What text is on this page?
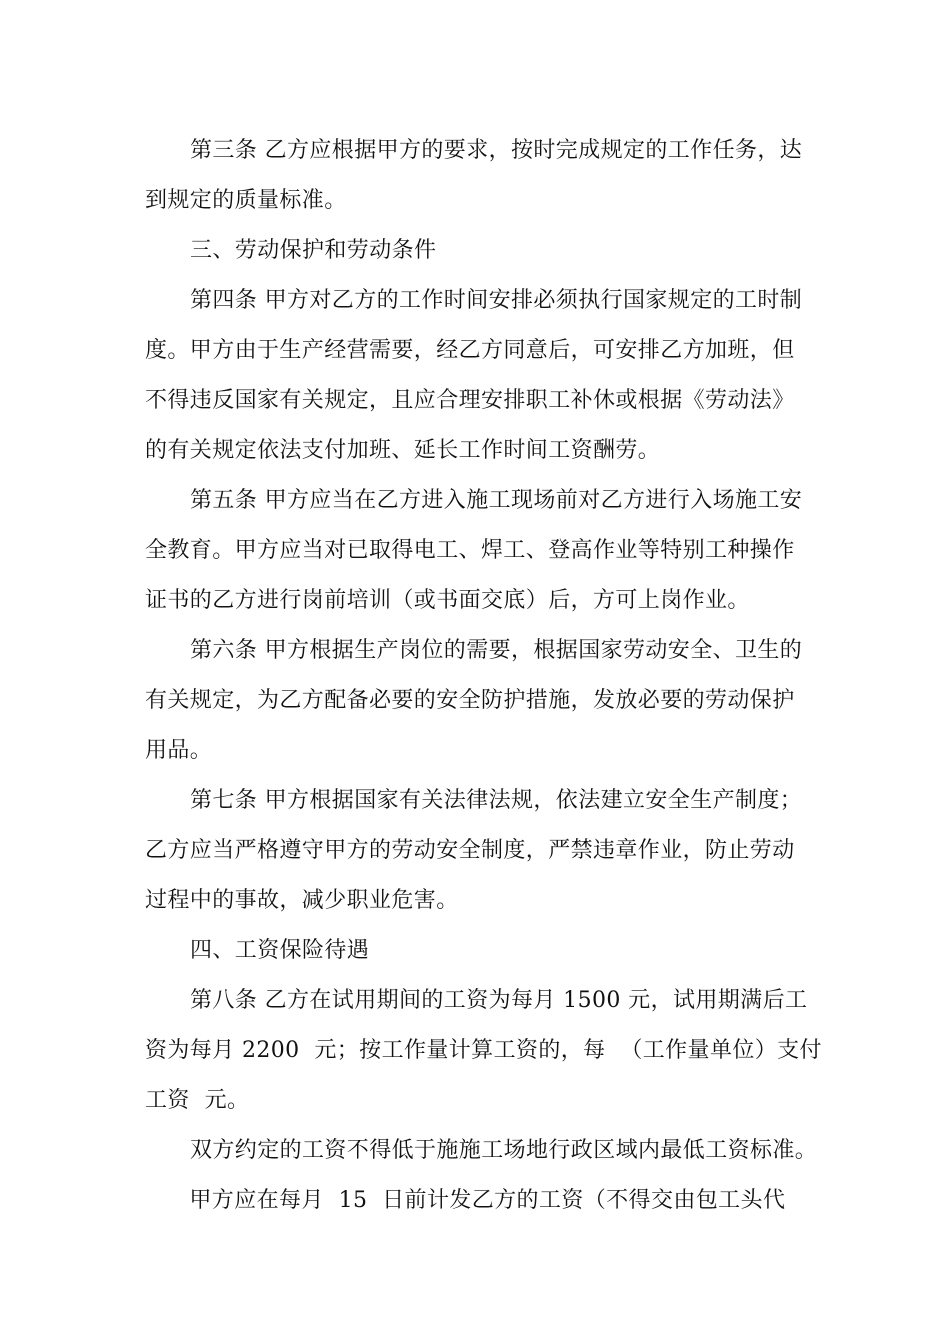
第三条 乙方应根据甲方的要求，按时完成规定的工作任务，达
到规定的质量标准。
三、劳动保护和劳动条件
第四条 甲方对乙方的工作时间安排必须执行国家规定的工时制
度。甲方由于生产经营需要，经乙方同意后，可安排乙方加班，但
不得违反国家有关规定，且应合理安排职工补休或根据《劳动法》
的有关规定依法支付加班、延长工作时间工资酬劳。
第五条 甲方应当在乙方进入施工现场前对乙方进行入场施工安
全教育。甲方应当对已取得电工、焊工、登高作业等特别工种操作
证书的乙方进行岗前培训（或书面交底）后，方可上岗作业。
第六条 甲方根据生产岗位的需要，根据国家劳动安全、卫生的
有关规定，为乙方配备必要的安全防护措施，发放必要的劳动保护
用品。
第七条 甲方根据国家有关法律法规，依法建立安全生产制度；
乙方应当严格遵守甲方的劳动安全制度，严禁违章作业，防止劳动
过程中的事故，减少职业危害。
四、工资保险待遇
第八条 乙方在试用期间的工资为每月 1500 元，试用期满后工
资为每月 2200  元；按工作量计算工资的，每  （工作量单位）支付
工资  元。
双方约定的工资不得低于施施工场地行政区域内最低工资标准。
甲方应在每月  15  日前计发乙方的工资（不得交由包工头代
